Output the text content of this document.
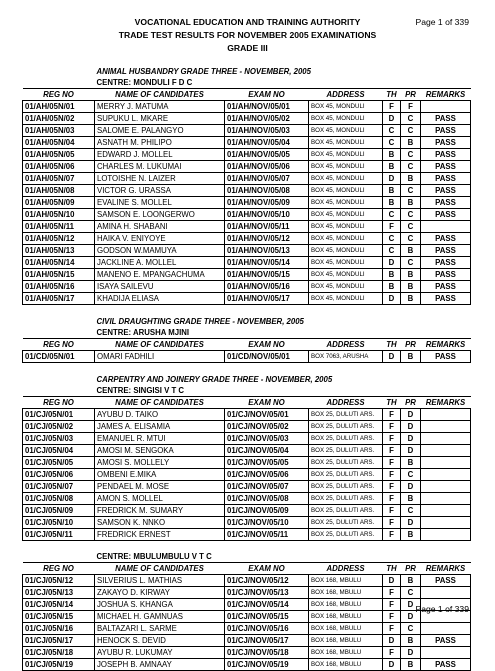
VOCATIONAL EDUCATION AND TRAINING AUTHORITY
TRADE TEST RESULTS FOR NOVEMBER 2005 EXAMINATIONS
GRADE III
Page 1 of 339
	ANIMAL HUSBANDRY GRADE THREE - NOVEMBER, 2005					
	CENTRE: MONDULI F D C					
REG NO	NAME OF CANDIDATES	EXAM NO	ADDRESS	TH	PR	REMARKS
01/AH/05N/01	MERRY J. MATUMA	01/AH/NOV/05/01	BOX 45, MONDULI	F	F	
01/AH/05N/02	SUPUKU L. MKARE	01/AH/NOV/05/02	BOX 45, MONDULI	D	C	PASS
01/AH/05N/03	SALOME E. PALANGYO	01/AH/NOV/05/03	BOX 45, MONDULI	C	C	PASS
01/AH/05N/04	ASNATH M. PHILIPO	01/AH/NOV/05/04	BOX 45, MONDULI	C	B	PASS
01/AH/05N/05	EDWARD J. MOLLEL	01/AH/NOV/05/05	BOX 45, MONDULI	B	C	PASS
01/AH/05N/06	CHARLES M. LUKUMAI	01/AH/NOV/05/06	BOX 45, MONDULI	B	C	PASS
01/AH/05N/07	LOTOISHE N. LAIZER	01/AH/NOV/05/07	BOX 45, MONDULI	D	B	PASS
01/AH/05N/08	VICTOR G. URASSA	01/AH/NOV/05/08	BOX 45, MONDULI	B	C	PASS
01/AH/05N/09	EVALINE S. MOLLEL	01/AH/NOV/05/09	BOX 45, MONDULI	B	B	PASS
01/AH/05N/10	SAMSON E. LOONGERWO	01/AH/NOV/05/10	BOX 45, MONDULI	C	C	PASS
01/AH/05N/11	AMINA H. SHABANI	01/AH/NOV/05/11	BOX 45, MONDULI	F	C	
01/AH/05N/12	HAIKA V. ENIYOYE	01/AH/NOV/05/12	BOX 45, MONDULI	C	C	PASS
01/AH/05N/13	GODSON W.MAMUYA	01/AH/NOV/05/13	BOX 45, MONDULI	C	B	PASS
01/AH/05N/14	JACKLINE A. MOLLEL	01/AH/NOV/05/14	BOX 45, MONDULI	D	C	PASS
01/AH/05N/15	MANENO E. MPANGACHUMA	01/AH/NOV/05/15	BOX 45, MONDULI	B	B	PASS
01/AH/05N/16	ISAYA SAILEVU	01/AH/NOV/05/16	BOX 45, MONDULI	B	B	PASS
01/AH/05N/17	KHADIJA ELIASA	01/AH/NOV/05/17	BOX 45, MONDULI	D	B	PASS

	CIVIL DRAUGHTING GRADE THREE - NOVEMBER, 2005					
	CENTRE: ARUSHA MJINI					
REG NO	NAME OF CANDIDATES	EXAM NO	ADDRESS	TH	PR	REMARKS
01/CD/05N/01	OMARI FADHILI	01/CD/NOV/05/01	BOX 7063, ARUSHA	D	B	PASS

	CARPENTRY AND JOINERY GRADE THREE - NOVEMBER, 2005					
	CENTRE: SINGISI V T C					
REG NO	NAME OF CANDIDATES	EXAM NO	ADDRESS	TH	PR	REMARKS
01/CJ/05N/01	AYUBU D. TAIKO	01/CJ/NOV/05/01	BOX 25, DULUTI ARS.	F	D	
01/CJ/05N/02	JAMES A. ELISAMIA	01/CJ/NOV/05/02	BOX 25, DULUTI ARS.	F	D	
01/CJ/05N/03	EMANUEL R. MTUI	01/CJ/NOV/05/03	BOX 25, DULUTI ARS.	F	D	
01/CJ/05N/04	AMOSI M. SENGOKA	01/CJ/NOV/05/04	BOX 25, DULUTI ARS.	F	D	
01/CJ/05N/05	AMOSI S. MOLLELY	01/CJ/NOV/05/05	BOX 25, DULUTI ARS.	F	B	
01/CJ/05N/06	OMBENI E.MIKA	01/CJ/NOV/05/06	BOX 25, DULUTI ARS.	F	C	
01/CJ/05N/07	PENDAEL M. MOSE	01/CJ/NOV/05/07	BOX 25, DULUTI ARS.	F	D	
01/CJ/05N/08	AMON S. MOLLEL	01/CJ/NOV/05/08	BOX 25, DULUTI ARS.	F	B	
01/CJ/05N/09	FREDRICK M. SUMARY	01/CJ/NOV/05/09	BOX 25, DULUTI ARS.	F	C	
01/CJ/05N/10	SAMSON K. NNKO	01/CJ/NOV/05/10	BOX 25, DULUTI ARS.	F	D	
01/CJ/05N/11	FREDRICK ERNEST	01/CJ/NOV/05/11	BOX 25, DULUTI ARS.	F	B	

	CENTRE: MBULUMBULU V T C					
REG NO	NAME OF CANDIDATES	EXAM NO	ADDRESS	TH	PR	REMARKS
01/CJ/05N/12	SILVERIUS L. MATHIAS	01/CJ/NOV/05/12	BOX 168, MBULU	D	B	PASS
01/CJ/05N/13	ZAKAYO D. KIRWAY	01/CJ/NOV/05/13	BOX 168, MBULU	F	C	
01/CJ/05N/14	JOSHUA S. KHANGA	01/CJ/NOV/05/14	BOX 168, MBULU	F	D	
01/CJ/05N/15	MICHAEL H. GAMNUAS	01/CJ/NOV/05/15	BOX 168, MBULU	F	D	
01/CJ/05N/16	BALTAZARI L. SARME	01/CJ/NOV/05/16	BOX 168, MBULU	F	C	
01/CJ/05N/17	HENOCK S. DEVID	01/CJ/NOV/05/17	BOX 168, MBULU	D	B	PASS
01/CJ/05N/18	AYUBU R. LUKUMAY	01/CJ/NOV/05/18	BOX 168, MBULU	F	D	
01/CJ/05N/19	JOSEPH B. AMNAAY	01/CJ/NOV/05/19	BOX 168, MBULU	D	B	PASS
Page 1 of 339
